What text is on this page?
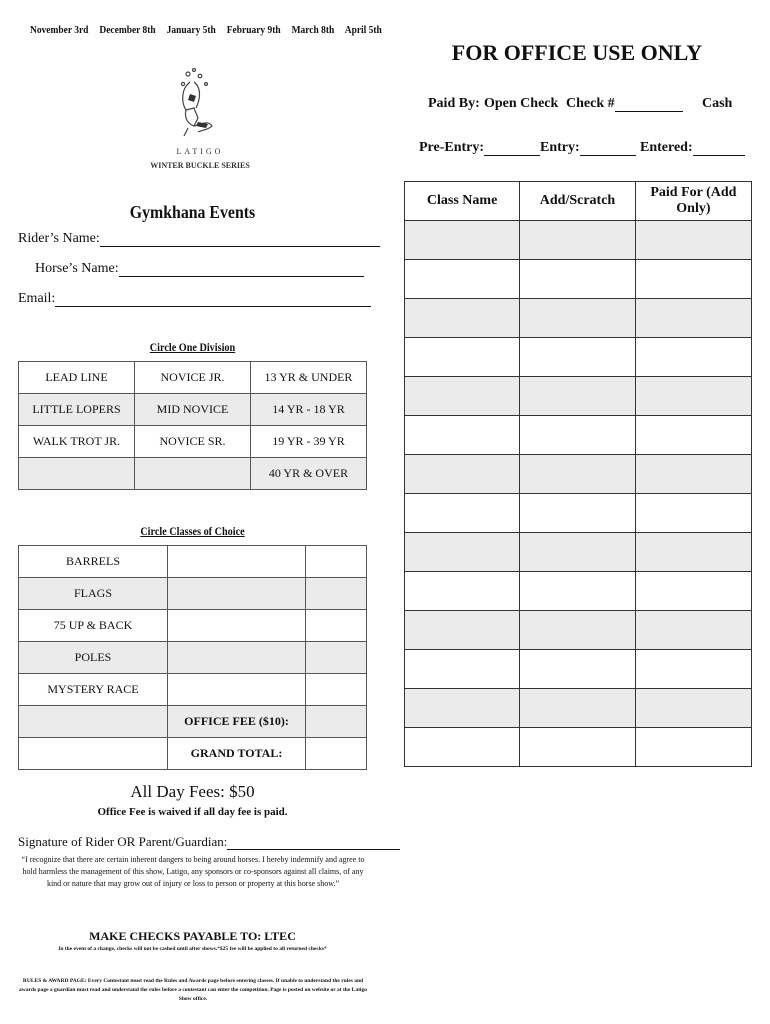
November 3rd December 8th January 5th February 9th March 8th April 5th
LATIGO
WINTER BUCKLE SERIES
Gymkhana Events
Rider’s Name:
Horse’s Name:
Email:
Circle One Division
LEAD LINE	NOVICE JR.	13 YR & UNDER
LITTLE LOPERS	MID NOVICE	14 YR - 18 YR
WALK TROT JR.	NOVICE SR.	19 YR - 39 YR
		40 YR & OVER
Circle Classes of Choice
BARRELS		
FLAGS		
75 UP & BACK		
POLES		
MYSTERY RACE		
	OFFICE FEE ($10):	
	GRAND TOTAL:	
All Day Fees: $50
Office Fee is waived if all day fee is paid.
Signature of Rider OR Parent/Guardian:
“I recognize that there are certain inherent dangers to being around horses. I hereby indemnify and agree to hold harmless the management of this show, Latigo, any sponsors or co-sponsors against all claims, of any kind or nature that may grow out of injury or loss to person or property at this horse show.”
MAKE CHECKS PAYABLE TO: LTEC
In the event of a change, checks will not be cashed until after shows.*$25 fee will be applied to all returned checks*
RULES & AWARD PAGE: Every Contestant must read the Rules and Awards page before entering classes. If unable to understand the rules and awards page a guardian must read and understand the rules before a contestant can enter the competition. Page is posted on website or at the Latigo Show office.
FOR OFFICE USE ONLY
Paid By: Open Check Check #	Cash
Pre-Entry:	Entry:	Entered:
Class Name	Add/Scratch	Paid For (Add Only)
